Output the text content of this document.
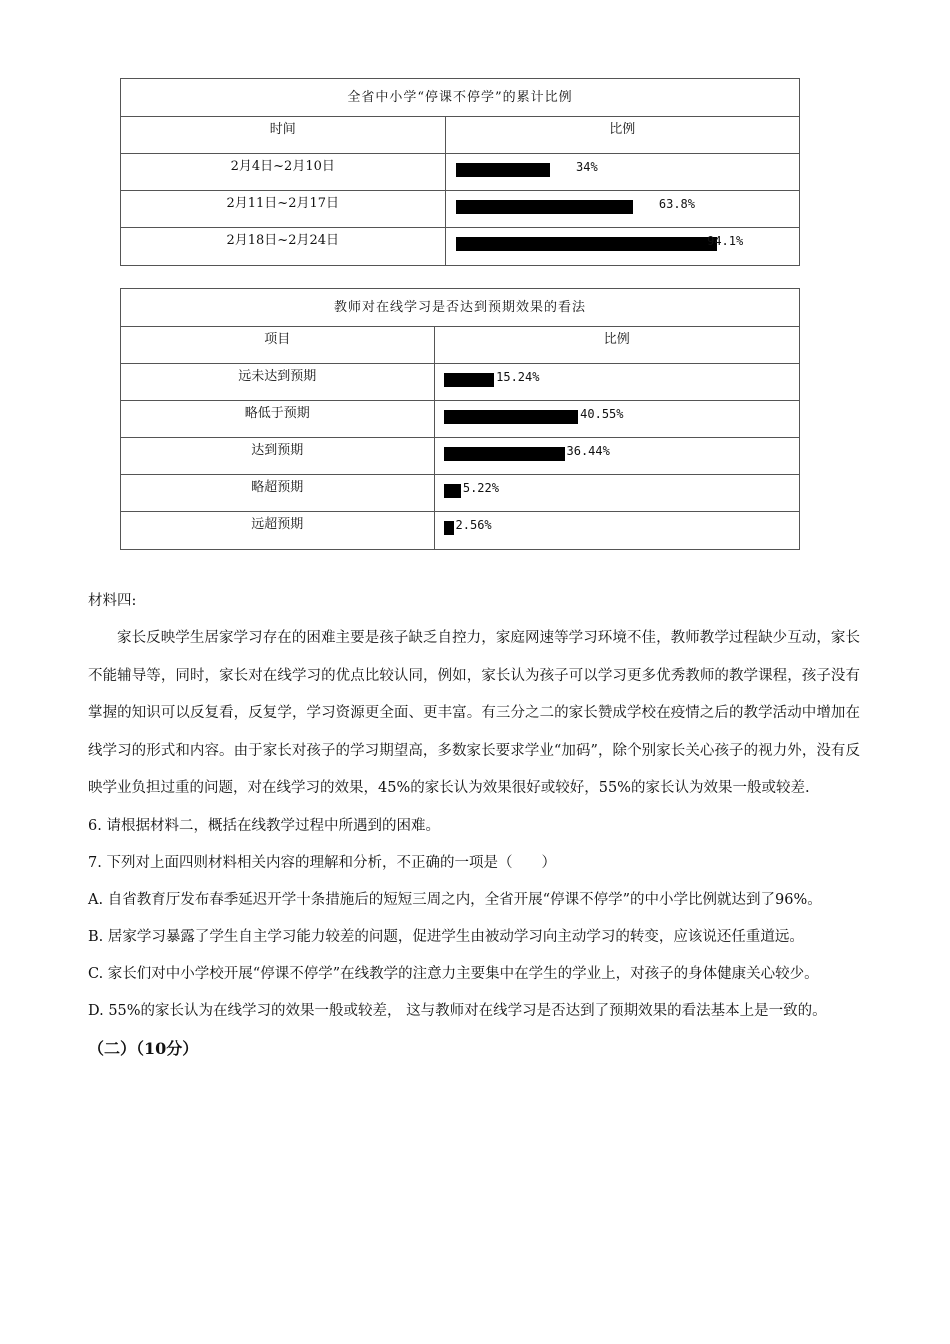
全省中小学“停课不停学”的累计比例
时间	比例
2月4日~2月10日	34%
2月11日~2月17日	63.8%
2月18日~2月24日	94.1%
教师对在线学习是否达到预期效果的看法
项目	比例
远未达到预期	15.24%
略低于预期	40.55%
达到预期	36.44%
略超预期	5.22%
远超预期	2.56%
材料四:
家长反映学生居家学习存在的困难主要是孩子缺乏自控力，家庭网速等学习环境不佳，教师教学过程缺少互动，家长不能辅导等，同时，家长对在线学习的优点比较认同，例如，家长认为孩子可以学习更多优秀教师的教学课程，孩子没有掌握的知识可以反复看，反复学，学习资源更全面、更丰富。有三分之二的家长赞成学校在疫情之后的教学活动中增加在线学习的形式和内容。由于家长对孩子的学习期望高，多数家长要求学业“加码”，除个别家长关心孩子的视力外，没有反映学业负担过重的问题，对在线学习的效果，45%的家长认为效果很好或较好，55%的家长认为效果一般或较差.
6. 请根据材料二，概括在线教学过程中所遇到的困难。
7. 下列对上面四则材料相关内容的理解和分析，不正确的一项是（　　）
A. 自省教育厅发布春季延迟开学十条措施后的短短三周之内，全省开展“停课不停学”的中小学比例就达到了96%。
B. 居家学习暴露了学生自主学习能力较差的问题，促进学生由被动学习向主动学习的转变，应该说还任重道远。
C. 家长们对中小学校开展“停课不停学”在线教学的注意力主要集中在学生的学业上，对孩子的身体健康关心较少。
D. 55%的家长认为在线学习的效果一般或较差， 这与教师对在线学习是否达到了预期效果的看法基本上是一致的。
（二）（10分）
